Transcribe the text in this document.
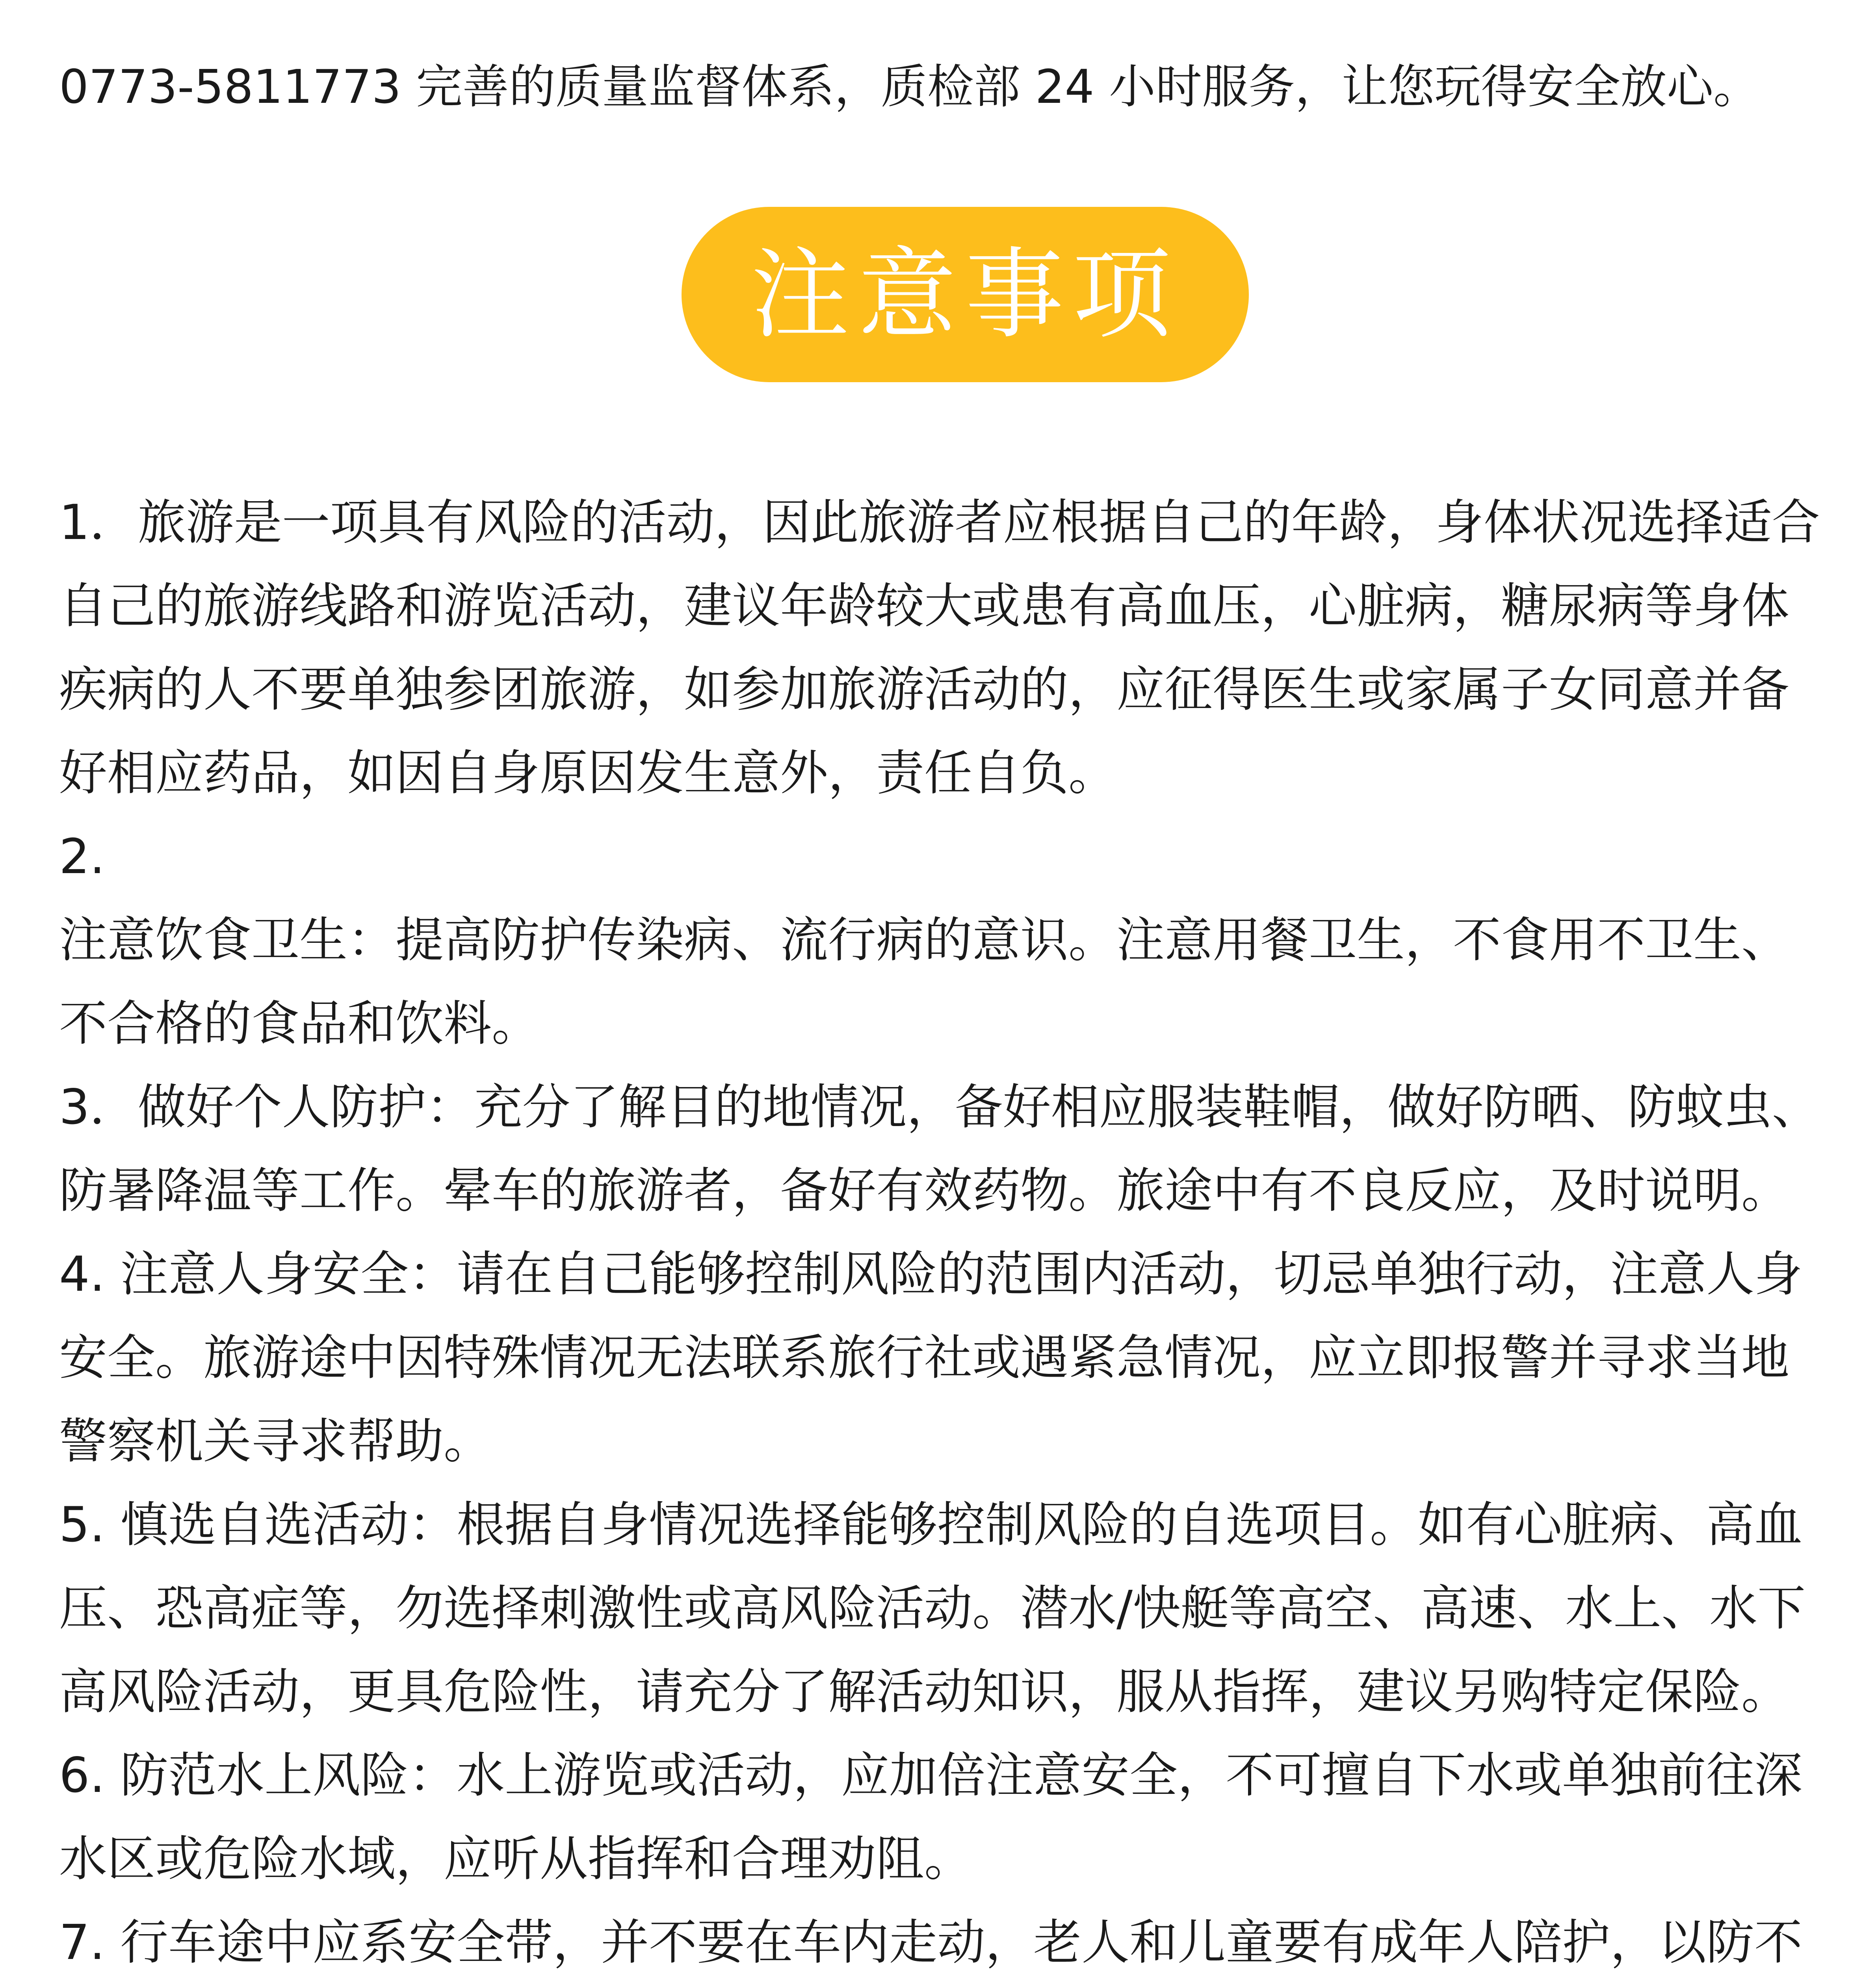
0773-5811773 完善的质量监督体系，质检部 24 小时服务，让您玩得安全放心。
注意事项

1．旅游是一项具有风险的活动，因此旅游者应根据自己的年龄，身体状况选择适合自己的旅游线路和游览活动，建议年龄较大或患有高血压，心脏病，糖尿病等身体疾病的人不要单独参团旅游，如参加旅游活动的，应征得医生或家属子女同意并备好相应药品，如因自身原因发生意外，责任自负。

2.

注意饮食卫生：提高防护传染病、流行病的意识。注意用餐卫生，不食用不卫生、不合格的食品和饮料。

3．做好个人防护：充分了解目的地情况，备好相应服装鞋帽，做好防晒、防蚊虫、防暑降温等工作。晕车的旅游者，备好有效药物。旅途中有不良反应，及时说明。

4. 注意人身安全：请在自己能够控制风险的范围内活动，切忌单独行动，注意人身安全。旅游途中因特殊情况无法联系旅行社或遇紧急情况，应立即报警并寻求当地警察机关寻求帮助。

5. 慎选自选活动：根据自身情况选择能够控制风险的自选项目。如有心脏病、高血压、恐高症等，勿选择刺激性或高风险活动。潜水/快艇等高空、高速、水上、水下高风险活动，更具危险性，请充分了解活动知识，服从指挥，建议另购特定保险。

6. 防范水上风险：水上游览或活动，应加倍注意安全，不可擅自下水或单独前往深水区或危险水域，应听从指挥和合理劝阻。

7. 行车途中应系安全带，并不要在车内走动，老人和儿童要有成年人陪护，以防不
